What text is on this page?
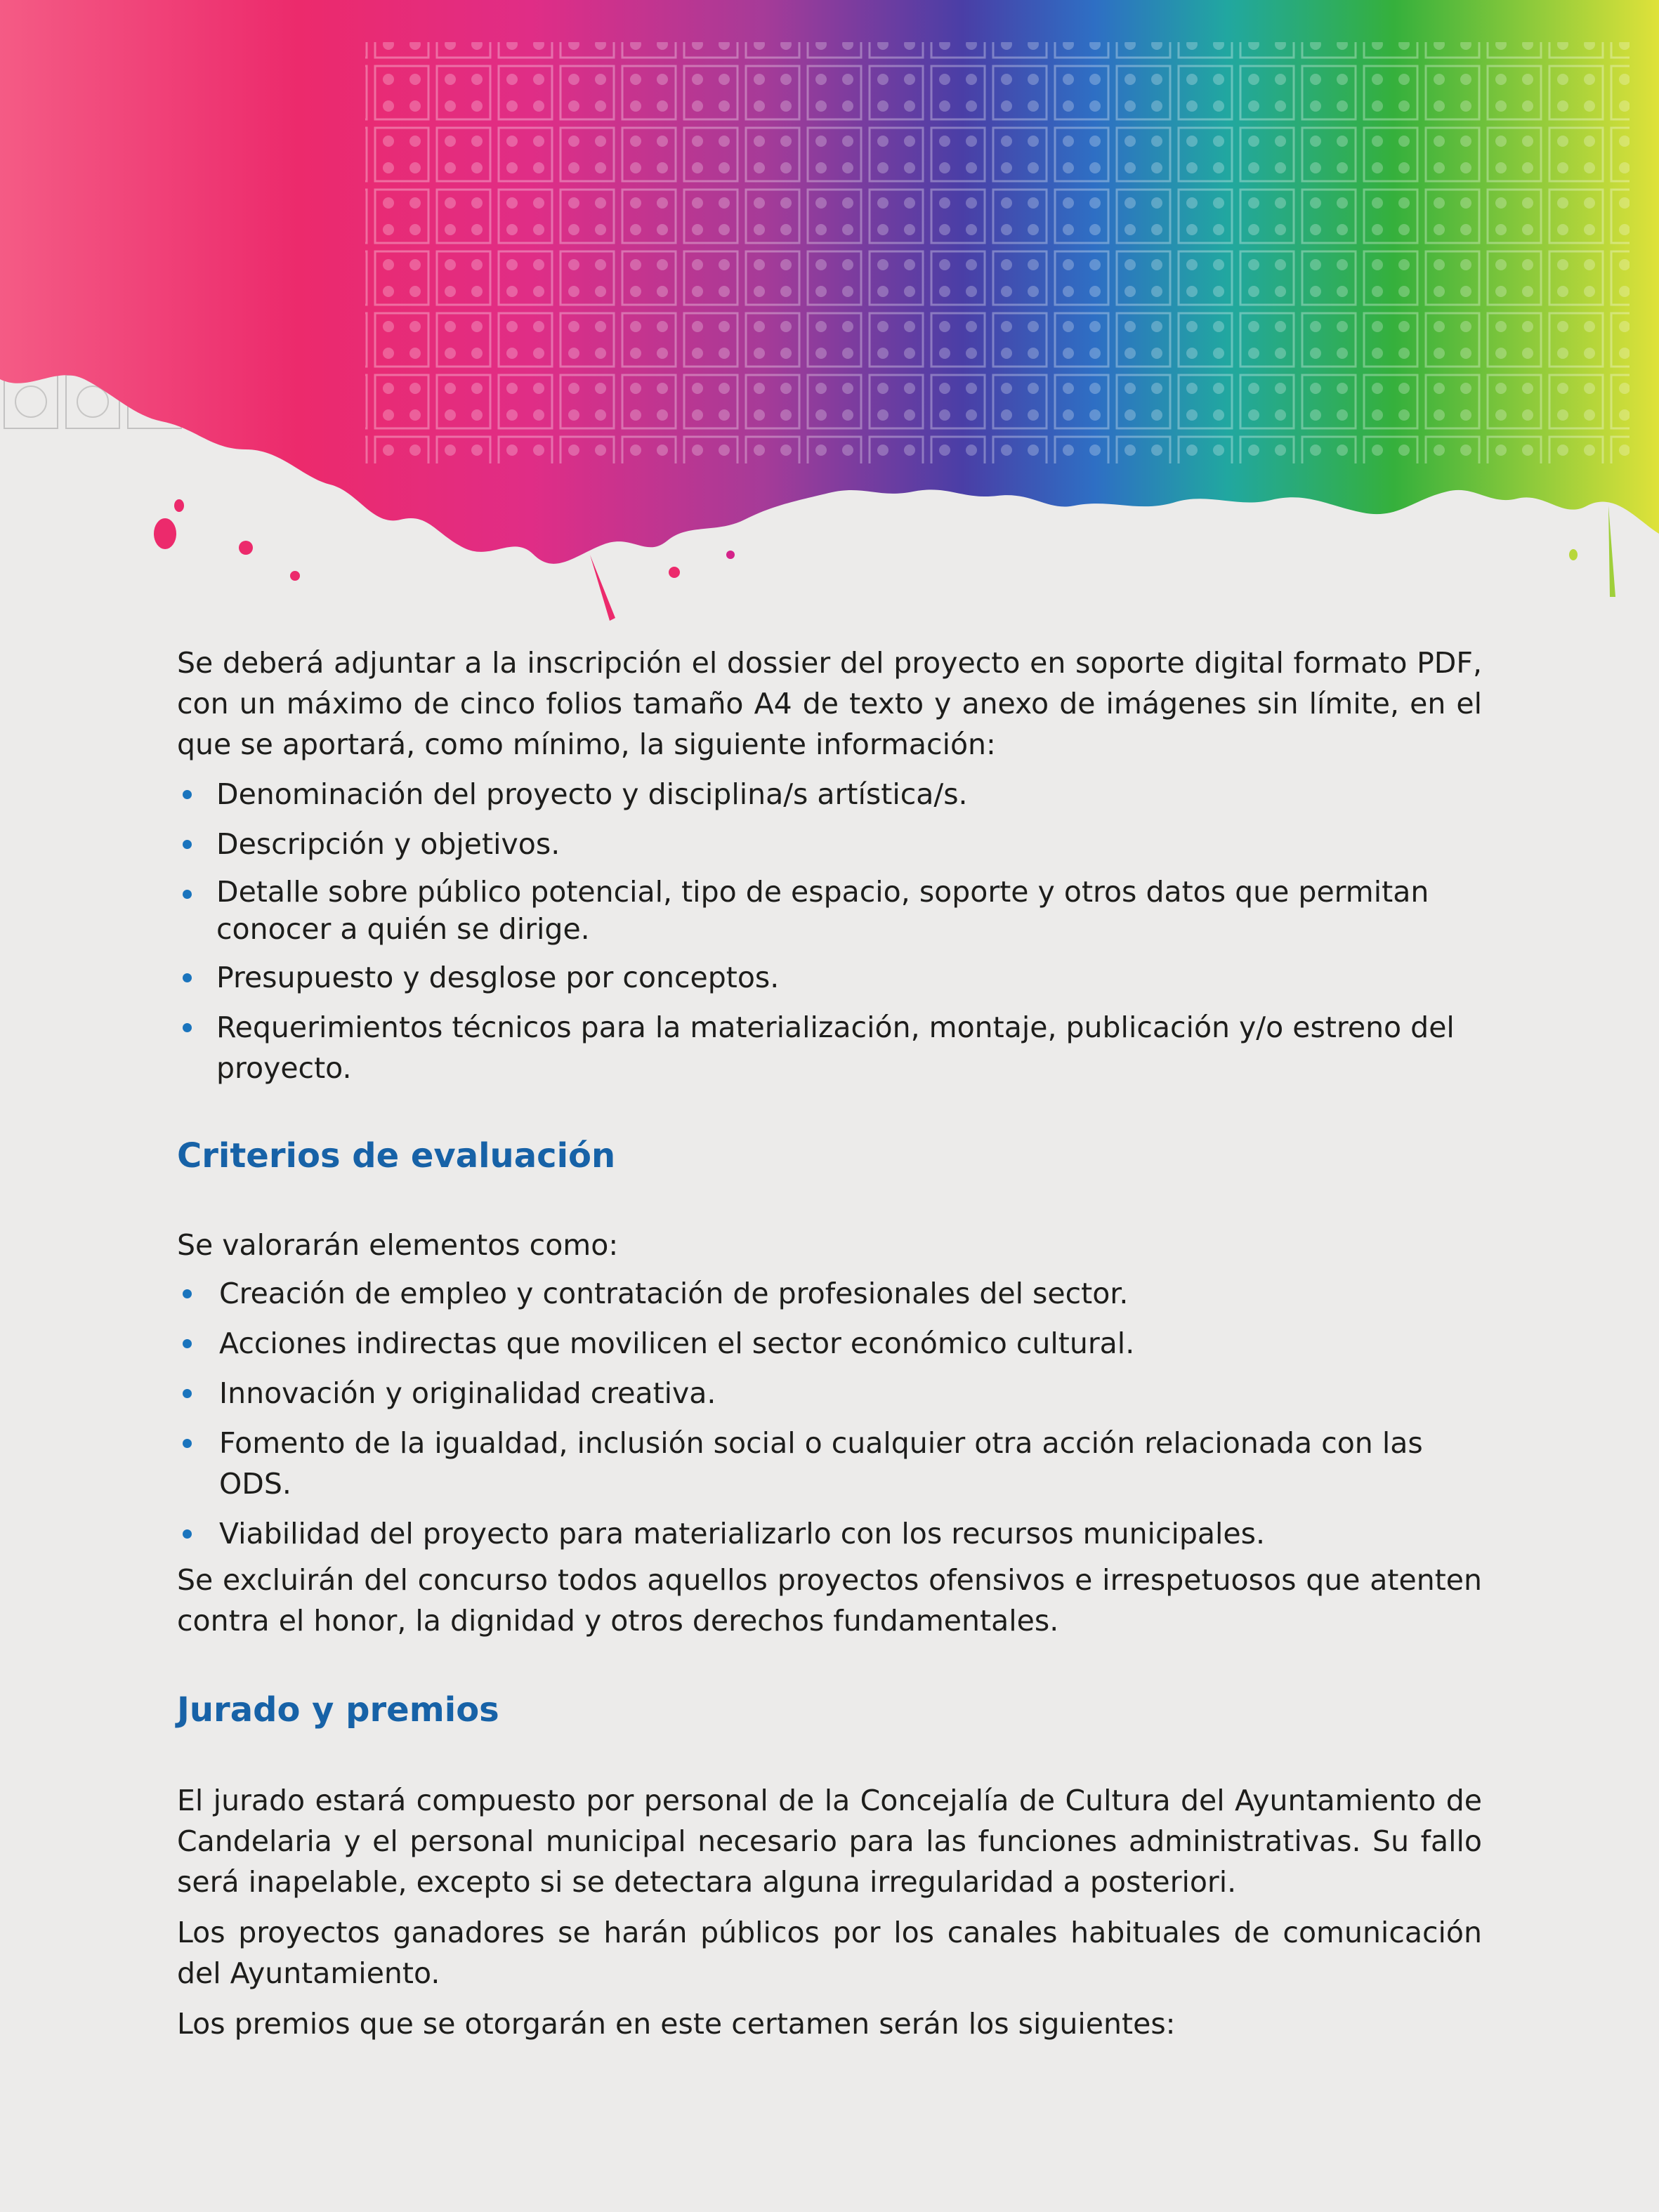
Se deberá adjuntar a la inscripción el dossier del proyecto en soporte digital formato PDF, con un máximo de cinco folios tamaño A4 de texto y anexo de imágenes sin límite, en el que se aportará, como mínimo, la siguiente información:

Denominación del proyecto y disciplina/s artística/s.
Descripción y objetivos.
Detalle sobre público potencial, tipo de espacio, soporte y otros datos que permitan conocer a quién se dirige.
Presupuesto y desglose por conceptos.
Requerimientos técnicos para la materialización, montaje, publicación y/o estreno del proyecto.
Criterios de evaluación

Se valorarán elementos como:

Creación de empleo y contratación de profesionales del sector.
Acciones indirectas que movilicen el sector económico cultural.
Innovación y originalidad creativa.
Fomento de la igualdad, inclusión social o cualquier otra acción relacionada con las ODS.
Viabilidad del proyecto para materializarlo con los recursos municipales.

Se excluirán del concurso todos aquellos proyectos ofensivos e irrespetuosos que atenten contra el honor, la dignidad y otros derechos fundamentales.

Jurado y premios

El jurado estará compuesto por personal de la Concejalía de Cultura del Ayuntamiento de Candelaria y el personal municipal necesario para las funciones administrativas. Su fallo será inapelable, excepto si se detectara alguna irregularidad a posteriori.

Los proyectos ganadores se harán públicos por los canales habituales de comunicación del Ayuntamiento.

Los premios que se otorgarán en este certamen serán los siguientes:
